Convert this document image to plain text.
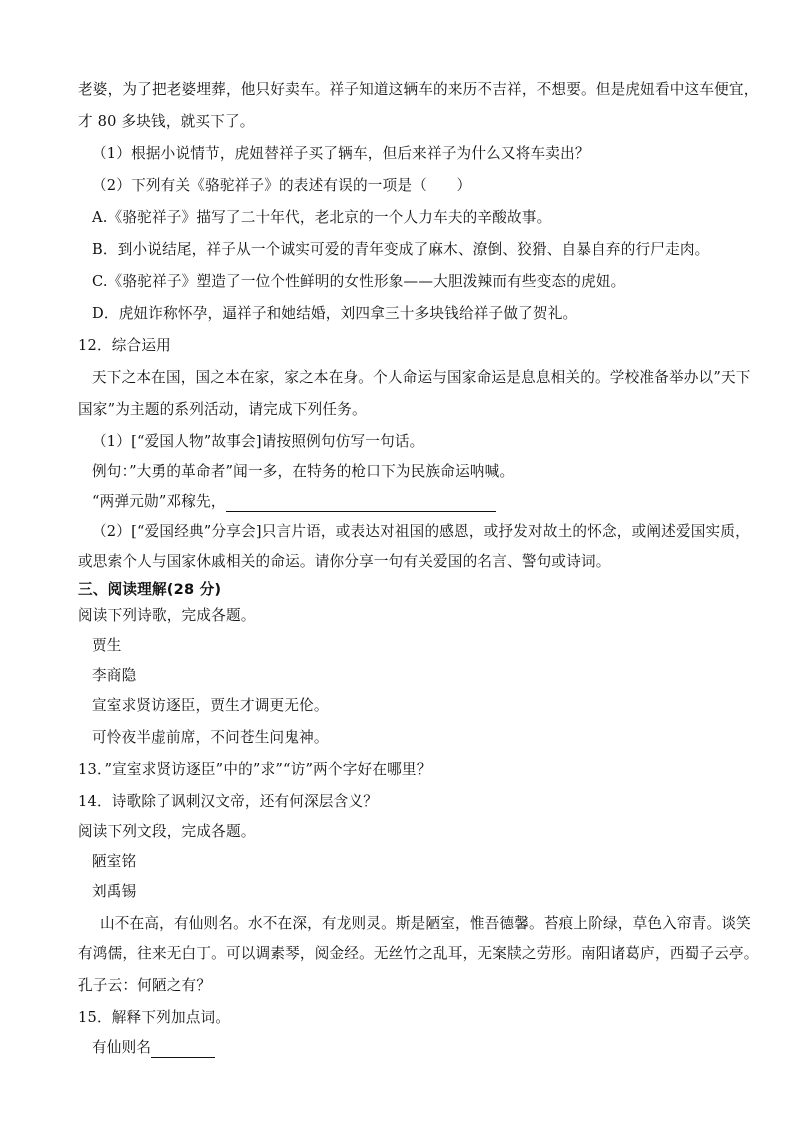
老婆，为了把老婆埋葬，他只好卖车。祥子知道这辆车的来历不吉祥，不想要。但是虎妞看中这车便宜，
才 80 多块钱，就买下了。
（1）根据小说情节，虎妞替祥子买了辆车，但后来祥子为什么又将车卖出？
（2）下列有关《骆驼祥子》的表述有误的一项是（　　）
A.《骆驼祥子》描写了二十年代，老北京的一个人力车夫的辛酸故事。
B．到小说结尾，祥子从一个诚实可爱的青年变成了麻木、潦倒、狡猾、自暴自弃的行尸走肉。
C.《骆驼祥子》塑造了一位个性鲜明的女性形象——大胆泼辣而有些变态的虎妞。
D．虎妞诈称怀孕，逼祥子和她结婚，刘四拿三十多块钱给祥子做了贺礼。
12．综合运用
天下之本在国，国之本在家，家之本在身。个人命运与国家命运是息息相关的。学校准备举办以”天下
国家”为主题的系列活动，请完成下列任务。
（1）[“爱国人物”故事会]请按照例句仿写一句话。
例句：”大勇的革命者”闻一多，在特务的枪口下为民族命运呐喊。
“两弹元勋”邓稼先，
（2）[“爱国经典”分享会]只言片语，或表达对祖国的感恩，或抒发对故土的怀念，或阐述爱国实质，
或思索个人与国家休戚相关的命运。请你分享一句有关爱国的名言、警句或诗词。
三、阅读理解(28 分)
阅读下列诗歌，完成各题。
贾生
李商隐
宣室求贤访逐臣，贾生才调更无伦。
可怜夜半虚前席，不问苍生问鬼神。
13．”宣室求贤访逐臣”中的”求”“访”两个字好在哪里？
14．诗歌除了讽刺汉文帝，还有何深层含义？
阅读下列文段，完成各题。
陋室铭
刘禹锡
山不在高，有仙则名。水不在深，有龙则灵。斯是陋室，惟吾德馨。苔痕上阶绿，草色入帘青。谈笑
有鸿儒，往来无白丁。可以调素琴，阅金经。无丝竹之乱耳，无案牍之劳形。南阳诸葛庐，西蜀子云亭。
孔子云：何陋之有？
15．解释下列加点词。
有仙则名
